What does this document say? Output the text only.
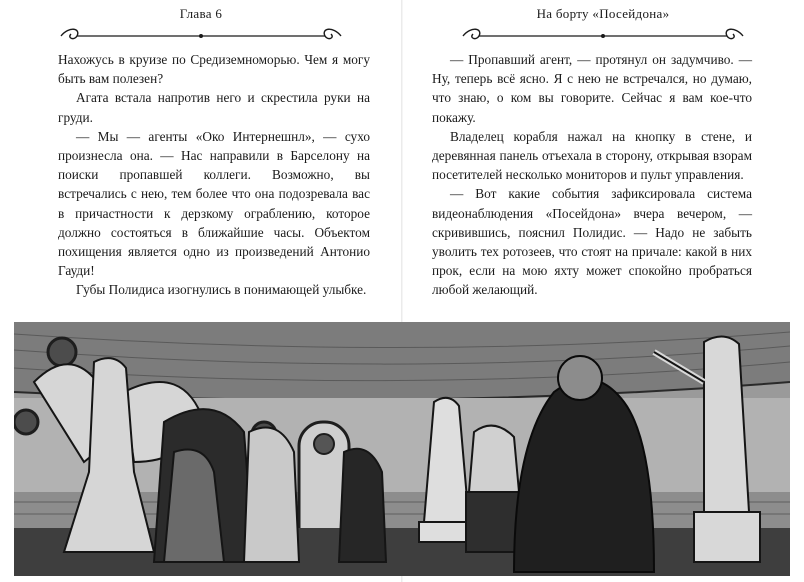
Глава 6

Нахожусь в круизе по Средиземноморью. Чем я могу быть вам полезен?

Агата встала напротив него и скрестила руки на груди.

— Мы — агенты «Око Интернешнл», — сухо произнесла она. — Нас направили в Барселону на поиски пропавшей коллеги. Возможно, вы встречались с нею, тем более что она подозревала вас в причастности к дерзкому ограблению, которое должно состояться в ближайшие часы. Объектом похищения является одно из произведений Антонио Гауди!

Губы Полидиса изогнулись в понимающей улыбке.

На борту «Посейдона»

— Пропавший агент, — протянул он задумчиво. — Ну, теперь всё ясно. Я с нею не встречался, но думаю, что знаю, о ком вы говорите. Сейчас я вам кое-что покажу.

Владелец корабля нажал на кнопку в стене, и деревянная панель отъехала в сторону, открывая взорам посетителей несколько мониторов и пульт управления.

— Вот какие события зафиксировала система видеонаблюдения «Посейдона» вчера вечером, — скривившись, пояснил Полидис. — Надо не забыть уволить тех ротозеев, что стоят на причале: какой в них прок, если на мою яхту может спокойно пробраться любой желающий.
